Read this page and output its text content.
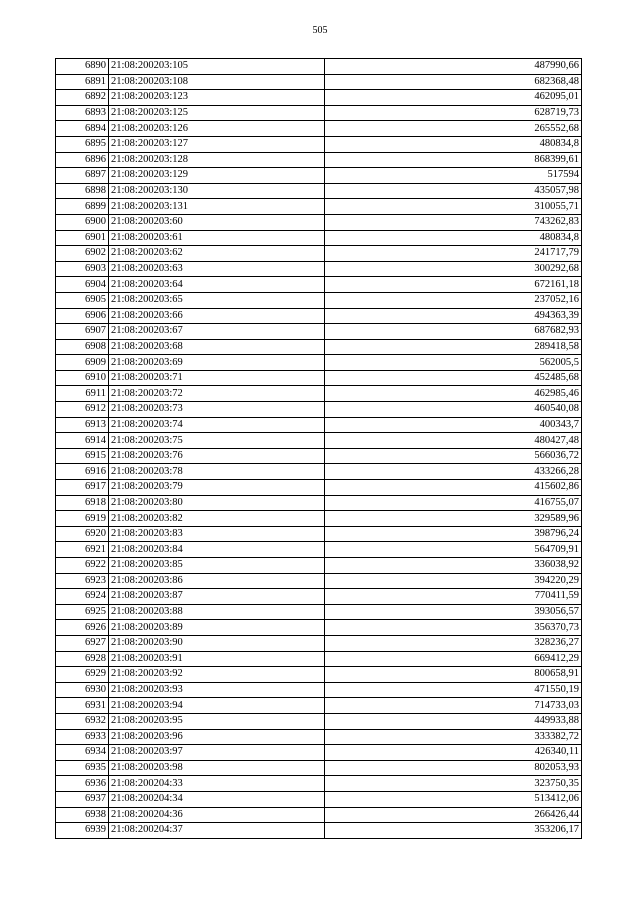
505
6890	21:08:200203:105	487990,66
6891	21:08:200203:108	682368,48
6892	21:08:200203:123	462095,01
6893	21:08:200203:125	628719,73
6894	21:08:200203:126	265552,68
6895	21:08:200203:127	480834,8
6896	21:08:200203:128	868399,61
6897	21:08:200203:129	517594
6898	21:08:200203:130	435057,98
6899	21:08:200203:131	310055,71
6900	21:08:200203:60	743262,83
6901	21:08:200203:61	480834,8
6902	21:08:200203:62	241717,79
6903	21:08:200203:63	300292,68
6904	21:08:200203:64	672161,18
6905	21:08:200203:65	237052,16
6906	21:08:200203:66	494363,39
6907	21:08:200203:67	687682,93
6908	21:08:200203:68	289418,58
6909	21:08:200203:69	562005,5
6910	21:08:200203:71	452485,68
6911	21:08:200203:72	462985,46
6912	21:08:200203:73	460540,08
6913	21:08:200203:74	400343,7
6914	21:08:200203:75	480427,48
6915	21:08:200203:76	566036,72
6916	21:08:200203:78	433266,28
6917	21:08:200203:79	415602,86
6918	21:08:200203:80	416755,07
6919	21:08:200203:82	329589,96
6920	21:08:200203:83	398796,24
6921	21:08:200203:84	564709,91
6922	21:08:200203:85	336038,92
6923	21:08:200203:86	394220,29
6924	21:08:200203:87	770411,59
6925	21:08:200203:88	393056,57
6926	21:08:200203:89	356370,73
6927	21:08:200203:90	328236,27
6928	21:08:200203:91	669412,29
6929	21:08:200203:92	800658,91
6930	21:08:200203:93	471550,19
6931	21:08:200203:94	714733,03
6932	21:08:200203:95	449933,88
6933	21:08:200203:96	333382,72
6934	21:08:200203:97	426340,11
6935	21:08:200203:98	802053,93
6936	21:08:200204:33	323750,35
6937	21:08:200204:34	513412,06
6938	21:08:200204:36	266426,44
6939	21:08:200204:37	353206,17
